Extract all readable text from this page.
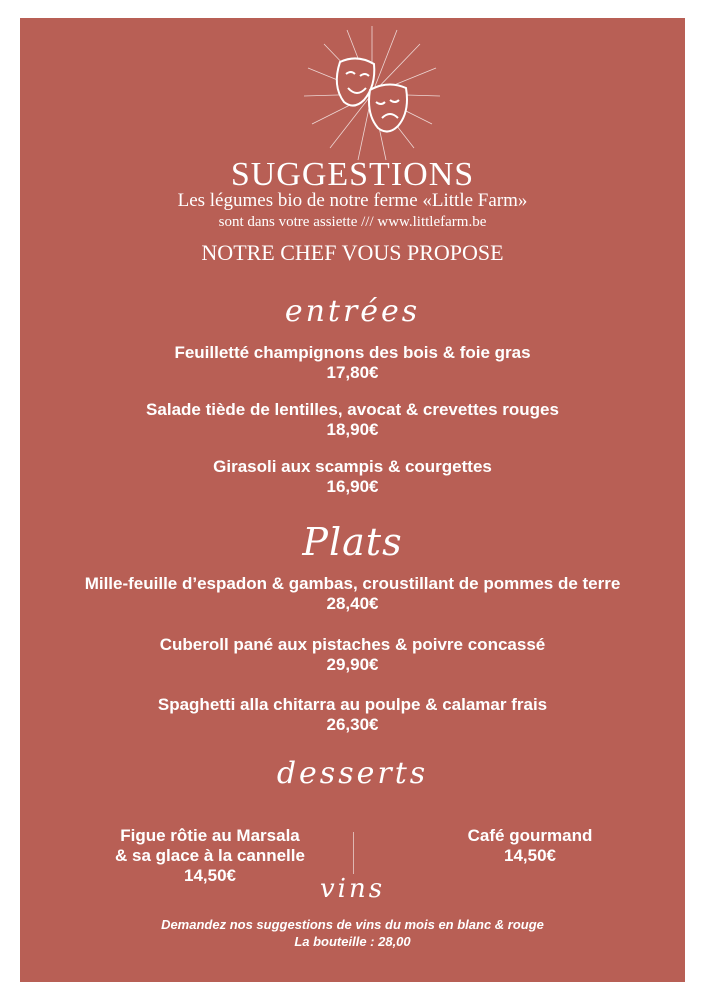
SUGGESTIONS
Les légumes bio de notre ferme «Little Farm»
sont dans votre assiette /// www.littlefarm.be
NOTRE CHEF VOUS PROPOSE
entrées
Feuilletté champignons des bois & foie gras
17,80€
Salade tiède de lentilles, avocat & crevettes rouges
18,90€
Girasoli aux scampis & courgettes
16,90€
Plats
Mille-feuille d’espadon & gambas, croustillant de pommes de terre
28,40€
Cuberoll pané aux pistaches & poivre concassé
29,90€
Spaghetti alla chitarra au poulpe & calamar frais
26,30€
desserts
Figue rôtie au Marsala
& sa glace à la cannelle
14,50€
Café gourmand
14,50€
vins
Demandez nos suggestions de vins du mois en blanc & rouge
La bouteille : 28,00
